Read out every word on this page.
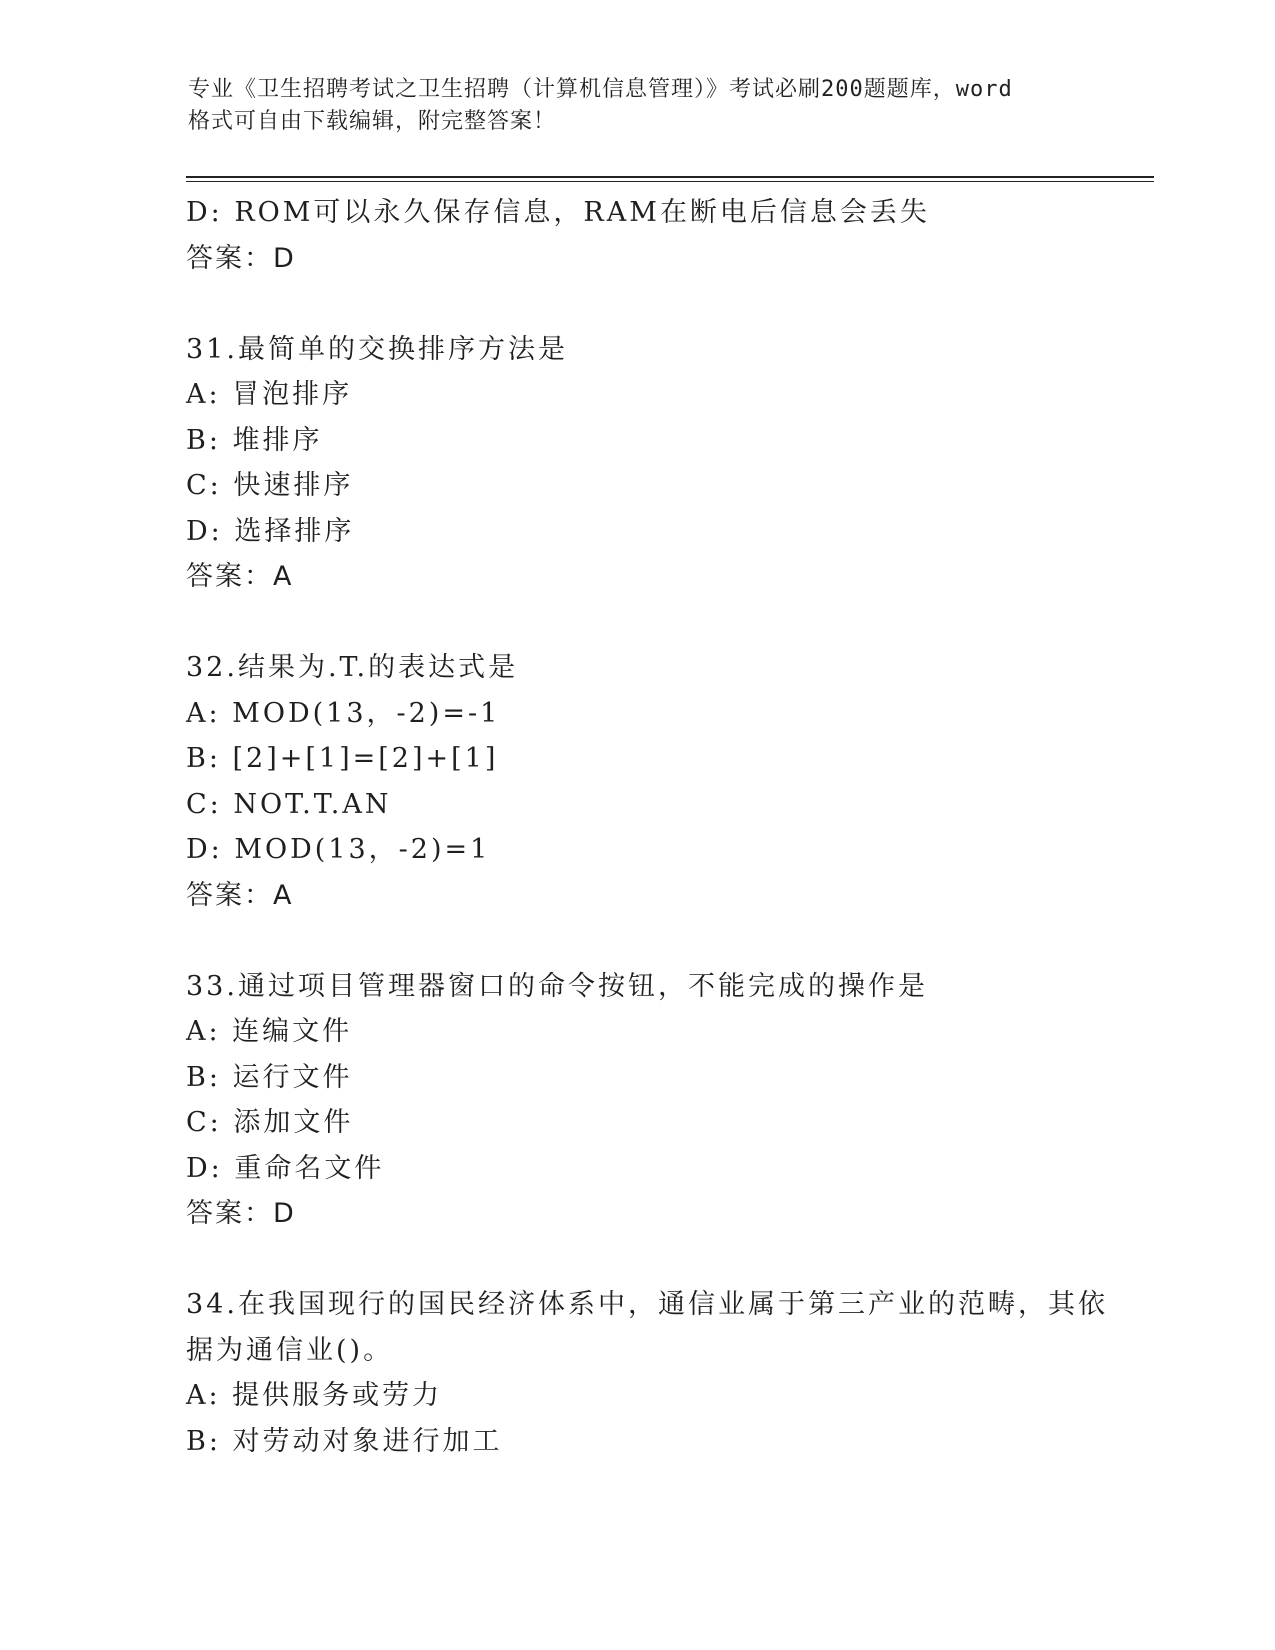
专业《卫生招聘考试之卫生招聘（计算机信息管理）》考试必刷200题题库，word
格式可自由下载编辑，附完整答案！
D: ROM可以永久保存信息，RAM在断电后信息会丢失
答案：D
31.最简单的交换排序方法是
A: 冒泡排序
B: 堆排序
C: 快速排序
D: 选择排序
答案：A
32.结果为.T.的表达式是
A: MOD(13，-2)=-1
B: [2]+[1]=[2]+[1]
C: NOT.T.AN
D: MOD(13，-2)=1
答案：A
33.通过项目管理器窗口的命令按钮，不能完成的操作是
A: 连编文件
B: 运行文件
C: 添加文件
D: 重命名文件
答案：D
34.在我国现行的国民经济体系中，通信业属于第三产业的范畴，其依
据为通信业()。
A: 提供服务或劳力
B: 对劳动对象进行加工
